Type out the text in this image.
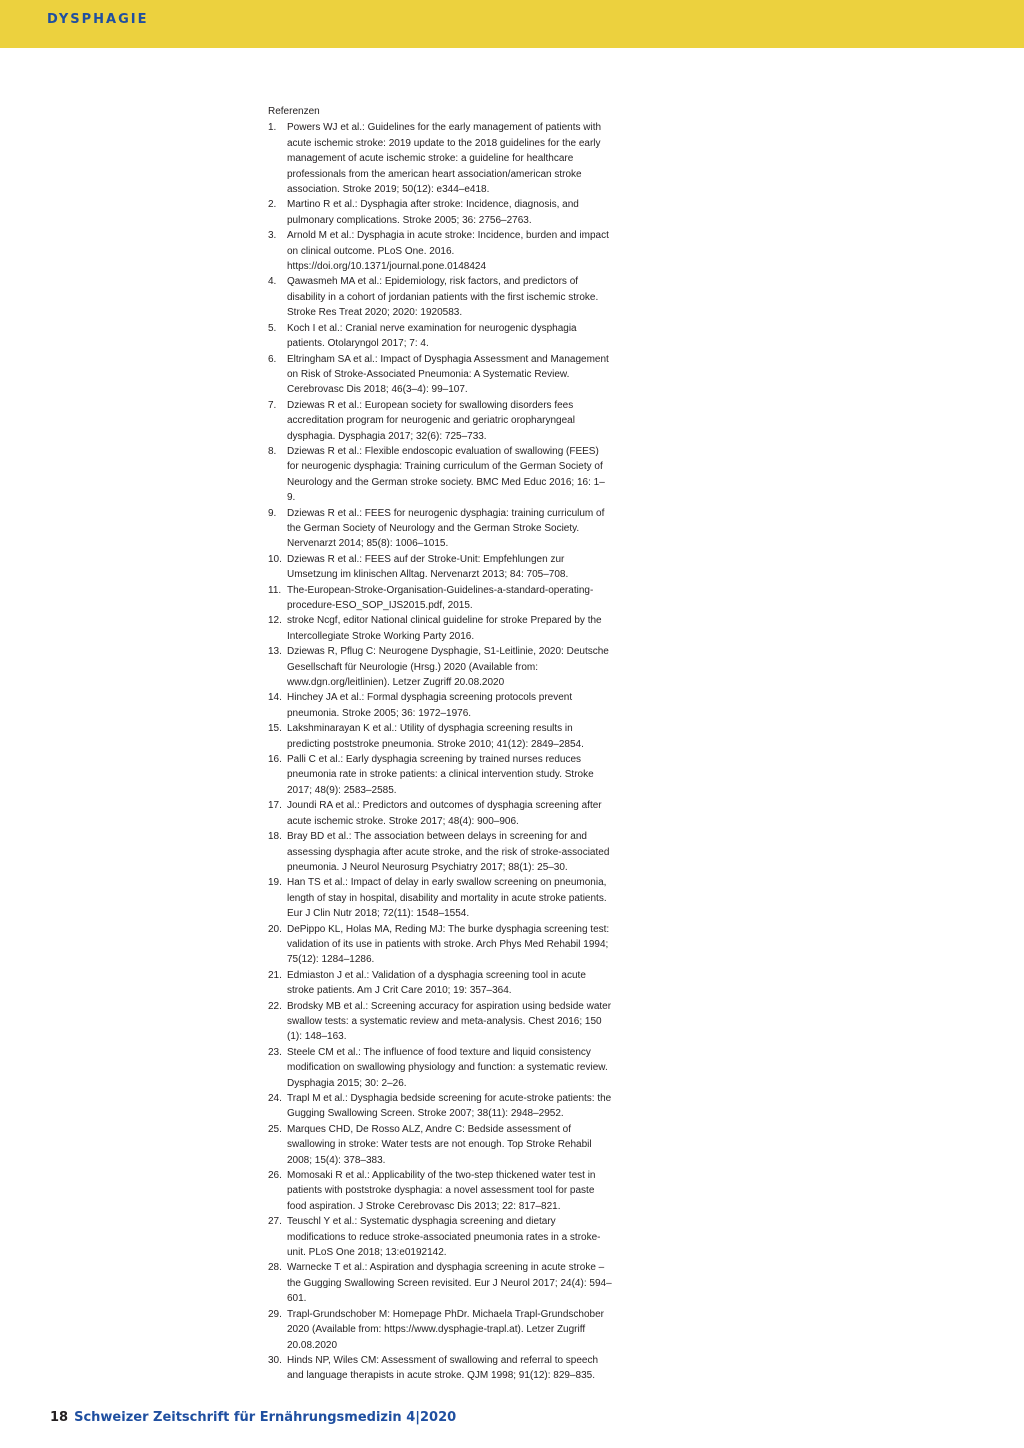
DYSPHAGIE
Referenzen
1. Powers WJ et al.: Guidelines for the early management of patients with acute ischemic stroke: 2019 update to the 2018 guidelines for the early management of acute ischemic stroke: a guideline for healthcare professionals from the american heart association/american stroke association. Stroke 2019; 50(12): e344–e418.
2. Martino R et al.: Dysphagia after stroke: Incidence, diagnosis, and pulmonary complications. Stroke 2005; 36: 2756–2763.
3. Arnold M et al.: Dysphagia in acute stroke: Incidence, burden and impact on clinical outcome. PLoS One. 2016. https://doi.org/10.1371/journal.pone.0148424
4. Qawasmeh MA et al.: Epidemiology, risk factors, and predictors of disability in a cohort of jordanian patients with the first ischemic stroke. Stroke Res Treat 2020; 2020: 1920583.
5. Koch I et al.: Cranial nerve examination for neurogenic dysphagia patients. Otolaryngol 2017; 7: 4.
6. Eltringham SA et al.: Impact of Dysphagia Assessment and Management on Risk of Stroke-Associated Pneumonia: A Systematic Review. Cerebrovasc Dis 2018; 46(3–4): 99–107.
7. Dziewas R et al.: European society for swallowing disorders fees accreditation program for neurogenic and geriatric oropharyngeal dysphagia. Dysphagia 2017; 32(6): 725–733.
8. Dziewas R et al.: Flexible endoscopic evaluation of swallowing (FEES) for neurogenic dysphagia: Training curriculum of the German Society of Neurology and the German stroke society. BMC Med Educ 2016; 16: 1–9.
9. Dziewas R et al.: FEES for neurogenic dysphagia: training curriculum of the German Society of Neurology and the German Stroke Society. Nervenarzt 2014; 85(8): 1006–1015.
10. Dziewas R et al.: FEES auf der Stroke-Unit: Empfehlungen zur Umsetzung im klinischen Alltag. Nervenarzt 2013; 84: 705–708.
11. The-European-Stroke-Organisation-Guidelines-a-standard-operating-procedure-ESO_SOP_IJS2015.pdf, 2015.
12. stroke Ncgf, editor National clinical guideline for stroke Prepared by the Intercollegiate Stroke Working Party 2016.
13. Dziewas R, Pflug C: Neurogene Dysphagie, S1-Leitlinie, 2020: Deutsche Gesellschaft für Neurologie (Hrsg.) 2020 (Available from: www.dgn.org/leitlinien). Letzer Zugriff 20.08.2020
14. Hinchey JA et al.: Formal dysphagia screening protocols prevent pneumonia. Stroke 2005; 36: 1972–1976.
15. Lakshminarayan K et al.: Utility of dysphagia screening results in predicting poststroke pneumonia. Stroke 2010; 41(12): 2849–2854.
16. Palli C et al.: Early dysphagia screening by trained nurses reduces pneumonia rate in stroke patients: a clinical intervention study. Stroke 2017; 48(9): 2583–2585.
17. Joundi RA et al.: Predictors and outcomes of dysphagia screening after acute ischemic stroke. Stroke 2017; 48(4): 900–906.
18. Bray BD et al.: The association between delays in screening for and assessing dysphagia after acute stroke, and the risk of stroke-associated pneumonia. J Neurol Neurosurg Psychiatry 2017; 88(1): 25–30.
19. Han TS et al.: Impact of delay in early swallow screening on pneumonia, length of stay in hospital, disability and mortality in acute stroke patients. Eur J Clin Nutr 2018; 72(11): 1548–1554.
20. DePippo KL, Holas MA, Reding MJ: The burke dysphagia screening test: validation of its use in patients with stroke. Arch Phys Med Rehabil 1994; 75(12): 1284–1286.
21. Edmiaston J et al.: Validation of a dysphagia screening tool in acute stroke patients. Am J Crit Care 2010; 19: 357–364.
22. Brodsky MB et al.: Screening accuracy for aspiration using bedside water swallow tests: a systematic review and meta-analysis. Chest 2016; 150 (1): 148–163.
23. Steele CM et al.: The influence of food texture and liquid consistency modification on swallowing physiology and function: a systematic review. Dysphagia 2015; 30: 2–26.
24. Trapl M et al.: Dysphagia bedside screening for acute-stroke patients: the Gugging Swallowing Screen. Stroke 2007; 38(11): 2948–2952.
25. Marques CHD, De Rosso ALZ, Andre C: Bedside assessment of swallowing in stroke: Water tests are not enough. Top Stroke Rehabil 2008; 15(4): 378–383.
26. Momosaki R et al.: Applicability of the two-step thickened water test in patients with poststroke dysphagia: a novel assessment tool for paste food aspiration. J Stroke Cerebrovasc Dis 2013; 22: 817–821.
27. Teuschl Y et al.: Systematic dysphagia screening and dietary modifications to reduce stroke-associated pneumonia rates in a stroke-unit. PLoS One 2018; 13:e0192142.
28. Warnecke T et al.: Aspiration and dysphagia screening in acute stroke – the Gugging Swallowing Screen revisited. Eur J Neurol 2017; 24(4): 594–601.
29. Trapl-Grundschober M: Homepage PhDr. Michaela Trapl-Grundschober 2020 (Available from: https://www.dysphagie-trapl.at). Letzer Zugriff 20.08.2020
30. Hinds NP, Wiles CM: Assessment of swallowing and referral to speech and language therapists in acute stroke. QJM 1998; 91(12): 829–835.
18 Schweizer Zeitschrift für Ernährungsmedizin 4|2020
